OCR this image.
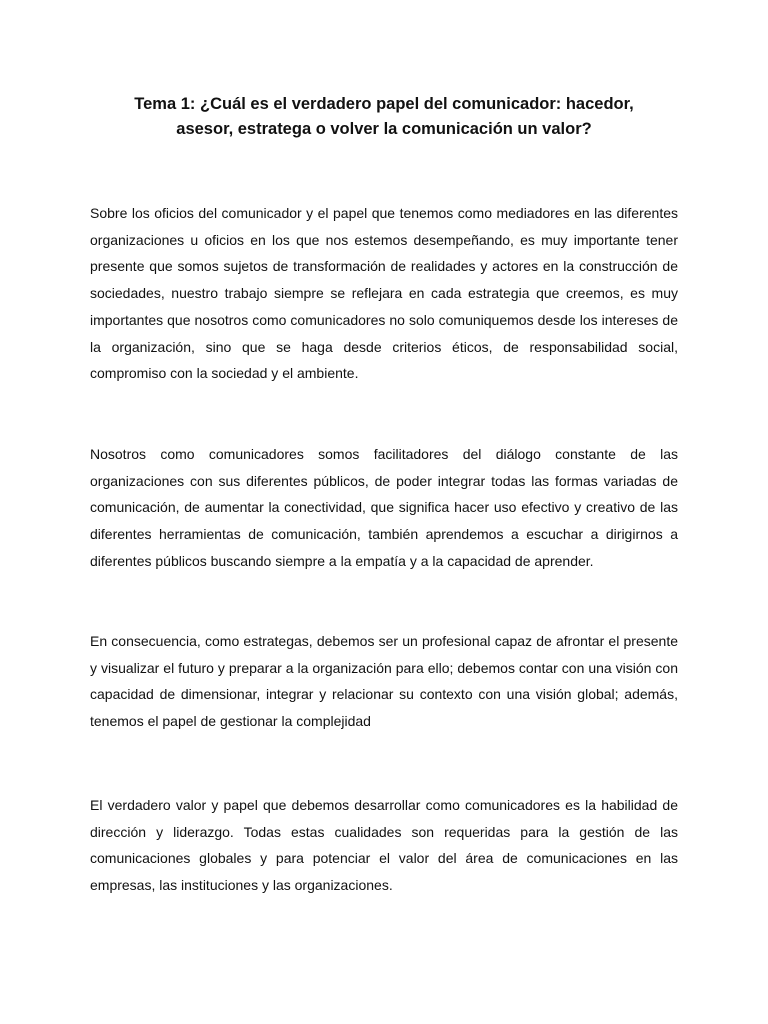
Tema 1: ¿Cuál es el verdadero papel del comunicador: hacedor,
asesor, estratega o volver la comunicación un valor?

Sobre los oficios del comunicador y el papel que tenemos como mediadores en las diferentes organizaciones u oficios en los que nos estemos desempeñando, es muy importante tener presente que somos sujetos de transformación de realidades y actores en la construcción de sociedades, nuestro trabajo siempre se reflejara en cada estrategia que creemos, es muy importantes que nosotros como comunicadores no solo comuniquemos desde los intereses de la organización, sino que se haga desde criterios éticos, de responsabilidad social, compromiso con la sociedad y el ambiente.

Nosotros como comunicadores somos facilitadores del diálogo constante de las organizaciones con sus diferentes públicos, de poder integrar todas las formas variadas de comunicación, de aumentar la conectividad, que significa hacer uso efectivo y creativo de las diferentes herramientas de comunicación, también aprendemos a escuchar a dirigirnos a diferentes públicos buscando siempre a la empatía y a la capacidad de aprender.

En consecuencia, como estrategas, debemos ser un profesional capaz de afrontar el presente y visualizar el futuro y preparar a la organización para ello; debemos contar con una visión con capacidad de dimensionar, integrar y relacionar su contexto con una visión global; además, tenemos el papel de gestionar la complejidad

El verdadero valor y papel que debemos desarrollar como comunicadores es la habilidad de dirección y liderazgo. Todas estas cualidades son requeridas para la gestión de las comunicaciones globales y para potenciar el valor del área de comunicaciones en las empresas, las instituciones y las organizaciones.
